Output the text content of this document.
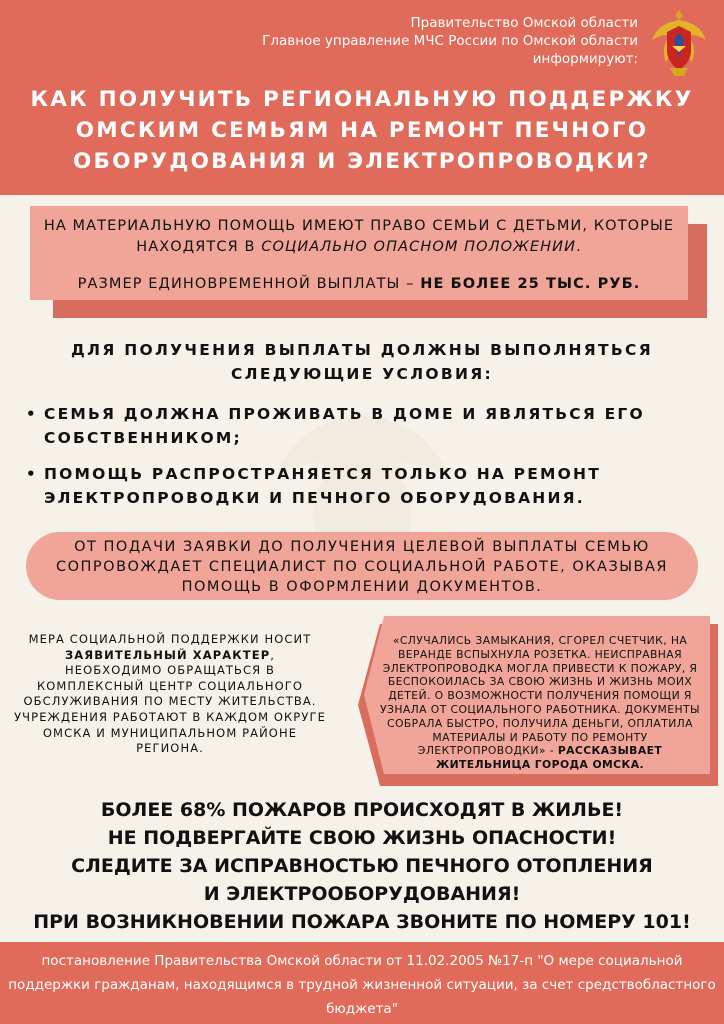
Правительство Омской области
Главное управление МЧС России по Омской области
информируют:
КАК ПОЛУЧИТЬ РЕГИОНАЛЬНУЮ ПОДДЕРЖКУ
ОМСКИМ СЕМЬЯМ НА РЕМОНТ ПЕЧНОГО
ОБОРУДОВАНИЯ И ЭЛЕКТРОПРОВОДКИ?
НА МАТЕРИАЛЬНУЮ ПОМОЩЬ ИМЕЮТ ПРАВО СЕМЬИ С ДЕТЬМИ, КОТОРЫЕ НАХОДЯТСЯ В СОЦИАЛЬНО ОПАСНОМ ПОЛОЖЕНИИ.
РАЗМЕР ЕДИНОВРЕМЕННОЙ ВЫПЛАТЫ – НЕ БОЛЕЕ 25 ТЫС. РУБ.
ДЛЯ ПОЛУЧЕНИЯ ВЫПЛАТЫ ДОЛЖНЫ ВЫПОЛНЯТЬСЯ СЛЕДУЮЩИЕ УСЛОВИЯ:
• СЕМЬЯ ДОЛЖНА ПРОЖИВАТЬ В ДОМЕ И ЯВЛЯТЬСЯ ЕГО СОБСТВЕННИКОМ;
• ПОМОЩЬ РАСПРОСТРАНЯЕТСЯ ТОЛЬКО НА РЕМОНТ ЭЛЕКТРОПРОВОДКИ И ПЕЧНОГО ОБОРУДОВАНИЯ.
ОТ ПОДАЧИ ЗАЯВКИ ДО ПОЛУЧЕНИЯ ЦЕЛЕВОЙ ВЫПЛАТЫ СЕМЬЮ СОПРОВОЖДАЕТ СПЕЦИАЛИСТ ПО СОЦИАЛЬНОЙ РАБОТЕ, ОКАЗЫВАЯ ПОМОЩЬ В ОФОРМЛЕНИИ ДОКУМЕНТОВ.
МЕРА СОЦИАЛЬНОЙ ПОДДЕРЖКИ НОСИТ ЗАЯВИТЕЛЬНЫЙ ХАРАКТЕР, НЕОБХОДИМО ОБРАЩАТЬСЯ В КОМПЛЕКСНЫЙ ЦЕНТР СОЦИАЛЬНОГО ОБСЛУЖИВАНИЯ ПО МЕСТУ ЖИТЕЛЬСТВА. УЧРЕЖДЕНИЯ РАБОТАЮТ В КАЖДОМ ОКРУГЕ ОМСКА И МУНИЦИПАЛЬНОМ РАЙОНЕ РЕГИОНА.
«СЛУЧАЛИСЬ ЗАМЫКАНИЯ, СГОРЕЛ СЧЕТЧИК, НА ВЕРАНДЕ ВСПЫХНУЛА РОЗЕТКА. НЕИСПРАВНАЯ ЭЛЕКТРОПРОВОДКА МОГЛА ПРИВЕСТИ К ПОЖАРУ, Я БЕСПОКОИЛАСЬ ЗА СВОЮ ЖИЗНЬ И ЖИЗНЬ МОИХ ДЕТЕЙ. О ВОЗМОЖНОСТИ ПОЛУЧЕНИЯ ПОМОЩИ Я УЗНАЛА ОТ СОЦИАЛЬНОГО РАБОТНИКА. ДОКУМЕНТЫ СОБРАЛА БЫСТРО, ПОЛУЧИЛА ДЕНЬГИ, ОПЛАТИЛА МАТЕРИАЛЫ И РАБОТУ ПО РЕМОНТУ ЭЛЕКТРОПРОВОДКИ» - РАССКАЗЫВАЕТ ЖИТЕЛЬНИЦА ГОРОДА ОМСКА.
БОЛЕЕ 68% ПОЖАРОВ ПРОИСХОДЯТ В ЖИЛЬЕ!
НЕ ПОДВЕРГАЙТЕ СВОЮ ЖИЗНЬ ОПАСНОСТИ!
СЛЕДИТЕ ЗА ИСПРАВНОСТЬЮ ПЕЧНОГО ОТОПЛЕНИЯ
И ЭЛЕКТРООБОРУДОВАНИЯ!
ПРИ ВОЗНИКНОВЕНИИ ПОЖАРА ЗВОНИТЕ ПО НОМЕРУ 101!
постановление Правительства Омской области от 11.02.2005 №17-п "О мере социальной поддержки гражданам, находящимся в трудной жизненной ситуации, за счет средствобластного бюджета"
